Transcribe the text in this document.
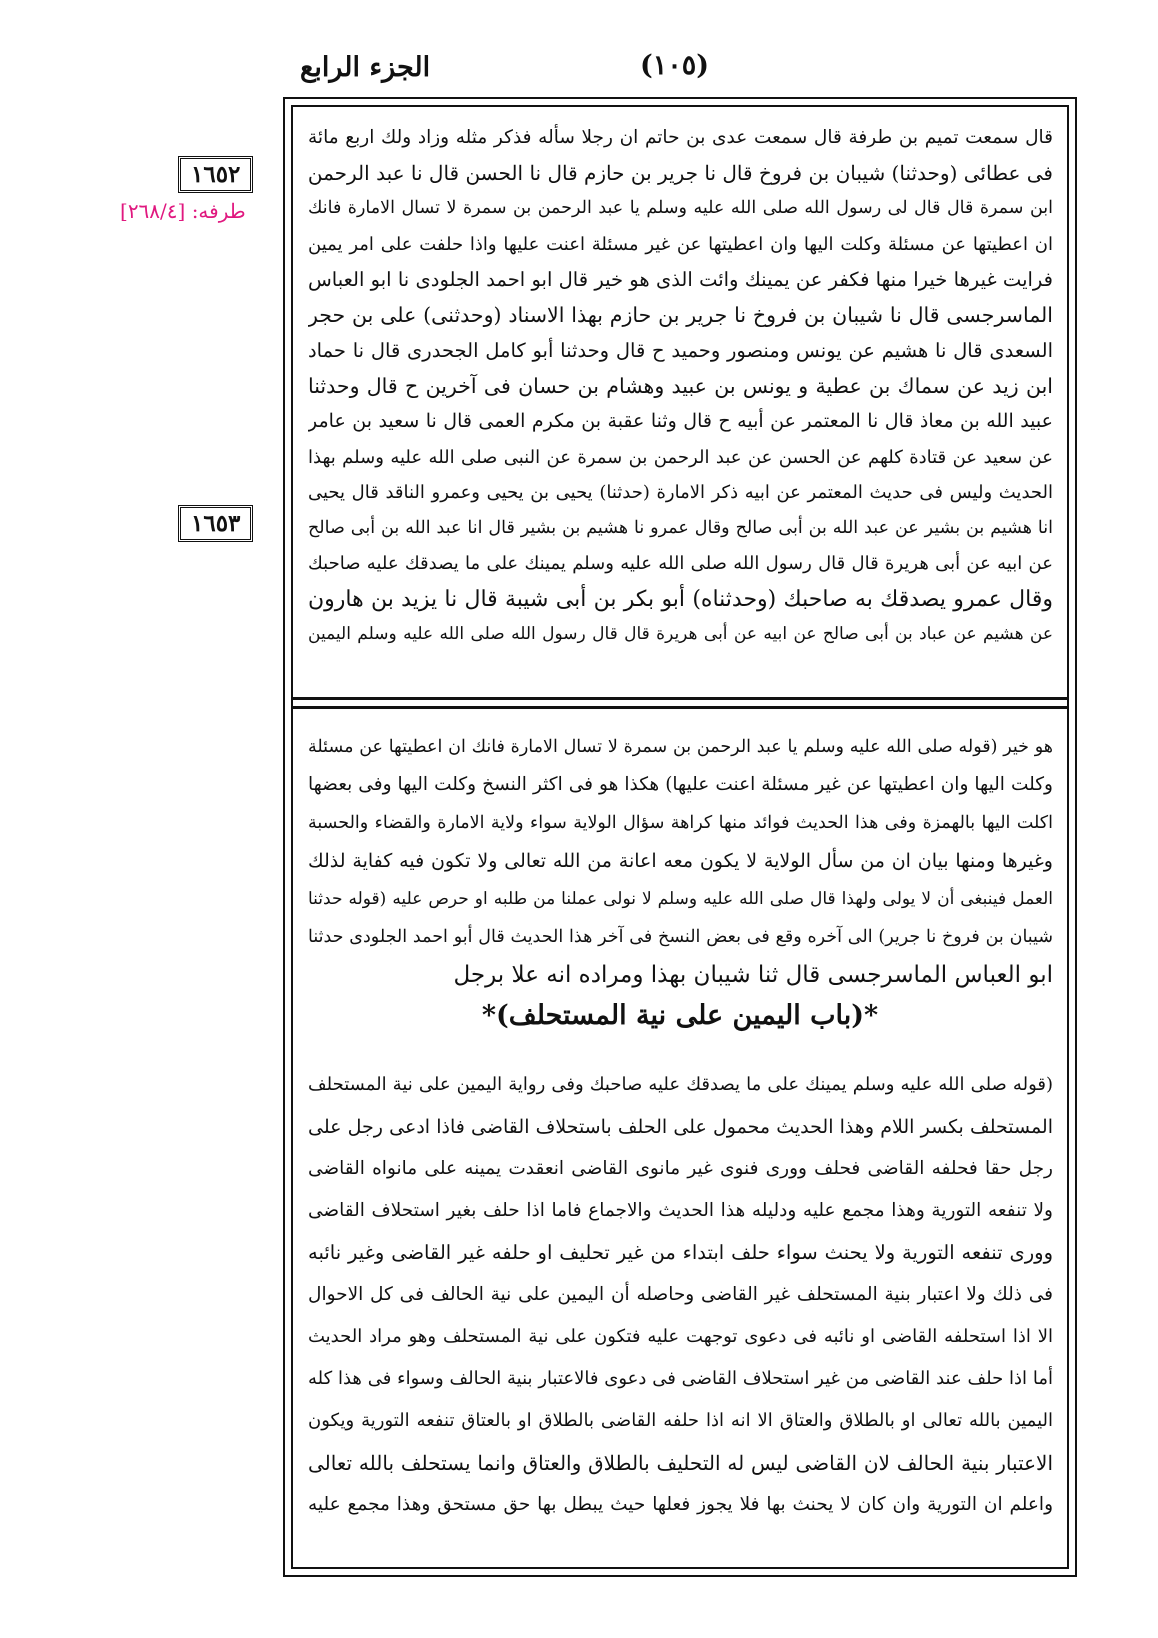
الجزء الرابع	(١٠٥)
١٦٥٢
طرفه: [٢٦٨/٤]
١٦٥٣
قال سمعت تميم بن طرفة قال سمعت عدى بن حاتم ان رجلا سأله فذكر مثله وزاد ولك اربع مائة
فى عطائى (وحدثنا) شيبان بن فروخ قال نا جرير بن حازم قال نا الحسن قال نا عبد الرحمن
ابن سمرة قال قال لى رسول الله صلى الله عليه وسلم يا عبد الرحمن بن سمرة لا تسال الامارة فانك
ان اعطيتها عن مسئلة وكلت اليها وان اعطيتها عن غير مسئلة اعنت عليها واذا حلفت على امر يمين
فرايت غيرها خيرا منها فكفر عن يمينك وائت الذى هو خير قال ابو احمد الجلودى نا ابو العباس
الماسرجسى قال نا شيبان بن فروخ نا جرير بن حازم بهذا الاسناد (وحدثنى) على بن حجر
السعدى قال نا هشيم عن يونس ومنصور وحميد ح قال وحدثنا أبو كامل الجحدرى قال نا حماد
ابن زيد عن سماك بن عطية و يونس بن عبيد وهشام بن حسان فى آخرين ح قال وحدثنا
عبيد الله بن معاذ قال نا المعتمر عن أبيه ح قال وثنا عقبة بن مكرم العمى قال نا سعيد بن عامر
عن سعيد عن قتادة كلهم عن الحسن عن عبد الرحمن بن سمرة عن النبى صلى الله عليه وسلم بهذا
الحديث وليس فى حديث المعتمر عن ابيه ذكر الامارة (حدثنا) يحيى بن يحيى وعمرو الناقد قال يحيى
انا هشيم بن بشير عن عبد الله بن أبى صالح وقال عمرو نا هشيم بن بشير قال انا عبد الله بن أبى صالح
عن ابيه عن أبى هريرة قال قال رسول الله صلى الله عليه وسلم يمينك على ما يصدقك عليه صاحبك
وقال عمرو يصدقك به صاحبك (وحدثناه) أبو بكر بن أبى شيبة قال نا يزيد بن هارون
عن هشيم عن عباد بن أبى صالح عن ابيه عن أبى هريرة قال قال رسول الله صلى الله عليه وسلم اليمين
هو خير (قوله صلى الله عليه وسلم يا عبد الرحمن بن سمرة لا تسال الامارة فانك ان اعطيتها عن مسئلة
وكلت اليها وان اعطيتها عن غير مسئلة اعنت عليها) هكذا هو فى اكثر النسخ وكلت اليها وفى بعضها
اكلت اليها بالهمزة وفى هذا الحديث فوائد منها كراهة سؤال الولاية سواء ولاية الامارة والقضاء والحسبة
وغيرها ومنها بيان ان من سأل الولاية لا يكون معه اعانة من الله تعالى ولا تكون فيه كفاية لذلك
العمل فينبغى أن لا يولى ولهذا قال صلى الله عليه وسلم لا نولى عملنا من طلبه او حرص عليه (قوله حدثنا
شيبان بن فروخ نا جرير) الى آخره وقع فى بعض النسخ فى آخر هذا الحديث قال أبو احمد الجلودى حدثنا
ابو العباس الماسرجسى قال ثنا شيبان بهذا ومراده انه علا برجل
*(باب اليمين على نية المستحلف)*
(قوله صلى الله عليه وسلم يمينك على ما يصدقك عليه صاحبك وفى رواية اليمين على نية المستحلف
المستحلف بكسر اللام وهذا الحديث محمول على الحلف باستحلاف القاضى فاذا ادعى رجل على
رجل حقا فحلفه القاضى فحلف وورى فنوى غير مانوى القاضى انعقدت يمينه على مانواه القاضى
ولا تنفعه التورية وهذا مجمع عليه ودليله هذا الحديث والاجماع فاما اذا حلف بغير استحلاف القاضى
وورى تنفعه التورية ولا يحنث سواء حلف ابتداء من غير تحليف او حلفه غير القاضى وغير نائبه
فى ذلك ولا اعتبار بنية المستحلف غير القاضى وحاصله أن اليمين على نية الحالف فى كل الاحوال
الا اذا استحلفه القاضى او نائبه فى دعوى توجهت عليه فتكون على نية المستحلف وهو مراد الحديث
أما اذا حلف عند القاضى من غير استحلاف القاضى فى دعوى فالاعتبار بنية الحالف وسواء فى هذا كله
اليمين بالله تعالى او بالطلاق والعتاق الا انه اذا حلفه القاضى بالطلاق او بالعتاق تنفعه التورية ويكون
الاعتبار بنية الحالف لان القاضى ليس له التحليف بالطلاق والعتاق وانما يستحلف بالله تعالى
واعلم ان التورية وان كان لا يحنث بها فلا يجوز فعلها حيث يبطل بها حق مستحق وهذا مجمع عليه
